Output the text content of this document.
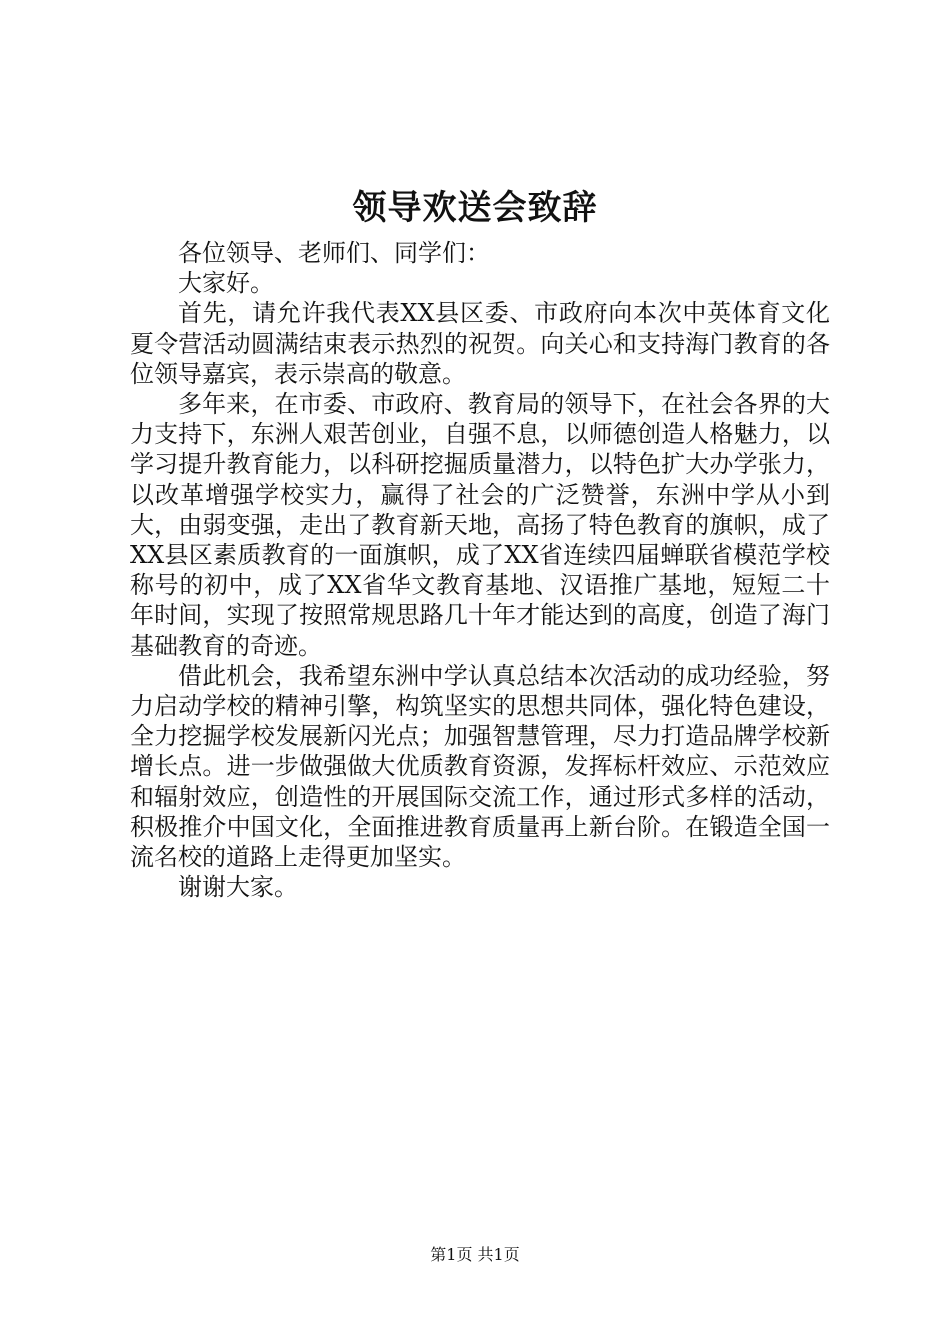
领导欢送会致辞

各位领导、老师们、同学们：

大家好。

首先，请允许我代表XX县区委、市政府向本次中英体育文化夏令营活动圆满结束表示热烈的祝贺。向关心和支持海门教育的各位领导嘉宾，表示崇高的敬意。

多年来，在市委、市政府、教育局的领导下，在社会各界的大力支持下，东洲人艰苦创业，自强不息，以师德创造人格魅力，以学习提升教育能力，以科研挖掘质量潜力，以特色扩大办学张力，以改革增强学校实力，赢得了社会的广泛赞誉，东洲中学从小到大，由弱变强，走出了教育新天地，高扬了特色教育的旗帜，成了XX县区素质教育的一面旗帜，成了XX省连续四届蝉联省模范学校称号的初中，成了XX省华文教育基地、汉语推广基地，短短二十年时间，实现了按照常规思路几十年才能达到的高度，创造了海门基础教育的奇迹。

借此机会，我希望东洲中学认真总结本次活动的成功经验，努力启动学校的精神引擎，构筑坚实的思想共同体，强化特色建设，全力挖掘学校发展新闪光点；加强智慧管理，尽力打造品牌学校新增长点。进一步做强做大优质教育资源，发挥标杆效应、示范效应和辐射效应，创造性的开展国际交流工作，通过形式多样的活动，积极推介中国文化，全面推进教育质量再上新台阶。在锻造全国一流名校的道路上走得更加坚实。

谢谢大家。

第1页 共1页
